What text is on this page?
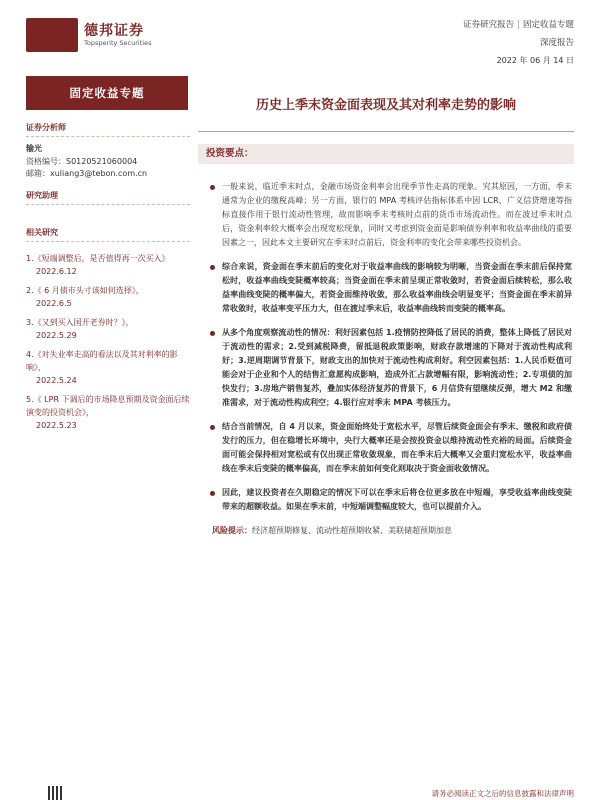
德邦证券
Topsperity Securities
证券研究报告 | 固定收益专题
深度报告
2022 年 06 月 14 日
固定收益专题
证券分析师
输光
资格编号：S0120521060004
邮箱：xuliang3@tebon.com.cn
研究助理
相关研究
1.《短端调整后，是否值得再一次买入》
2022.6.12
2.《 6 月债市头寸该如何选择》，
2022.6.5
3.《又到买入国开老券时？》，
2022.5.29
4.《对失业率走高的看法以及其对利率的影响》，
2022.5.24
5.《 LPR 下调后的市场降息预期及资金面后续演变的投资机会》，
2022.5.23
历史上季末资金面表现及其对利率走势的影响
投资要点：
一般来说，临近季末时点，金融市场资金利率会出现季节性走高的现象。究其原因，一方面，季末通常为企业的缴税高峰；另一方面，银行的 MPA 考核评估指标体系中因 LCR、广义信贷增速等指标直接作用于银行流动性管理，故而影响季末考核时点前的货币市场流动性。而在波过季末时点后，资金利率较大概率会出现宽松现象，同时又考虑到资金面是影响债券利率和收益率曲线的重要因素之一，因此本文主要研究在季末时点前后，资金利率的变化会带来哪些投资机会。
综合来说，资金面在季末前后的变化对于收益率曲线的影响较为明晰，当资金面在季末前后保持宽松时，收益率曲线变陡概率较高；当资金面在季末前呈现正常收敛时，若资金面后续转松，那么收益率曲线变陡的概率偏大，若资金面维持收敛，那么收益率曲线会明显变平；当资金面在季末前异常收敛时，收益率变平压力大，但在渡过季末后，收益率曲线转而变陡的概率高。
从多个角度观察流动性的情况：利好因素包括 1.疫情防控降低了居民的消费，整体上降低了居民对于流动性的需求；2.受到减税降费，留抵退税政策影响，财政存款增速的下降对于流动性构成利好；3.逆周期调节背景下，财政支出的加快对于流动性构成利好。利空因素包括：1.人民币贬值可能会对于企业和个人的结售汇意愿构成影响，造成外汇占款增幅有限，影响流动性；2.专项债的加快发行；3.房地产销售复苏，叠加实体经济复苏的背景下，6 月信贷有望继续反弹，增大 M2 和缴准需求，对于流动性构成利空；4.银行应对季末 MPA 考核压力。
结合当前情况，自 4 月以来，资金面始终处于宽松水平，尽管后续资金面会有季末、缴税和政府债发行的压力，但在稳增长环境中，央行大概率还是会按投资金以维持流动性充裕的局面。后续资金面可能会保持相对宽松或有仅出现正常收敛现象，而在季末后大概率又会重归宽松水平，收益率曲线在季末后变陡的概率偏高，而在季末前如何变化则取决于资金面收敛情况。
因此，建议投资者在久期稳定的情况下可以在季末后将仓位更多放在中短端，享受收益率曲线变陡带来的超额收益。如果在季末前，中短端调整幅度较大，也可以提前介入。
风险提示：经济超预期修复、流动性超预期收紧、美联储超预期加息
请务必阅读正文之后的信息披露和法律声明
